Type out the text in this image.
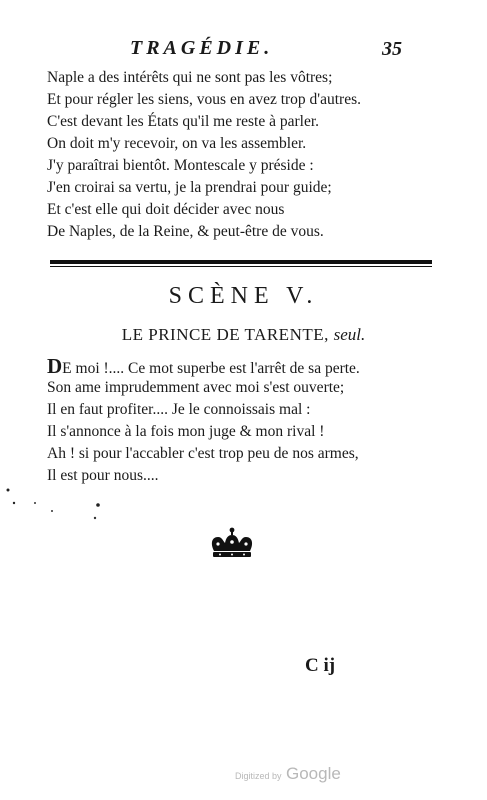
TRAGÉDIE.	35
Naple a des intérêts qui ne sont pas les vôtres;
Et pour régler les siens, vous en avez trop d'autres.
C'est devant les États qu'il me reste à parler.
On doit m'y recevoir, on va les assembler.
J'y paraîtrai bientôt. Montescale y préside :
J'en croirai sa vertu, je la prendrai pour guide;
Et c'est elle qui doit décider avec nous
De Naples, de la Reine, & peut-être de vous.
SCÈNE V.
LE PRINCE DE TARENTE, seul.
DE moi !.... Ce mot superbe est l'arrêt de sa perte.
Son ame imprudemment avec moi s'est ouverte;
Il en faut profiter.... Je le connoissais mal :
Il s'annonce à la fois mon juge & mon rival !
Ah ! si pour l'accabler c'est trop peu de nos armes,
Il est pour nous....
C ij
Digitized by Google
